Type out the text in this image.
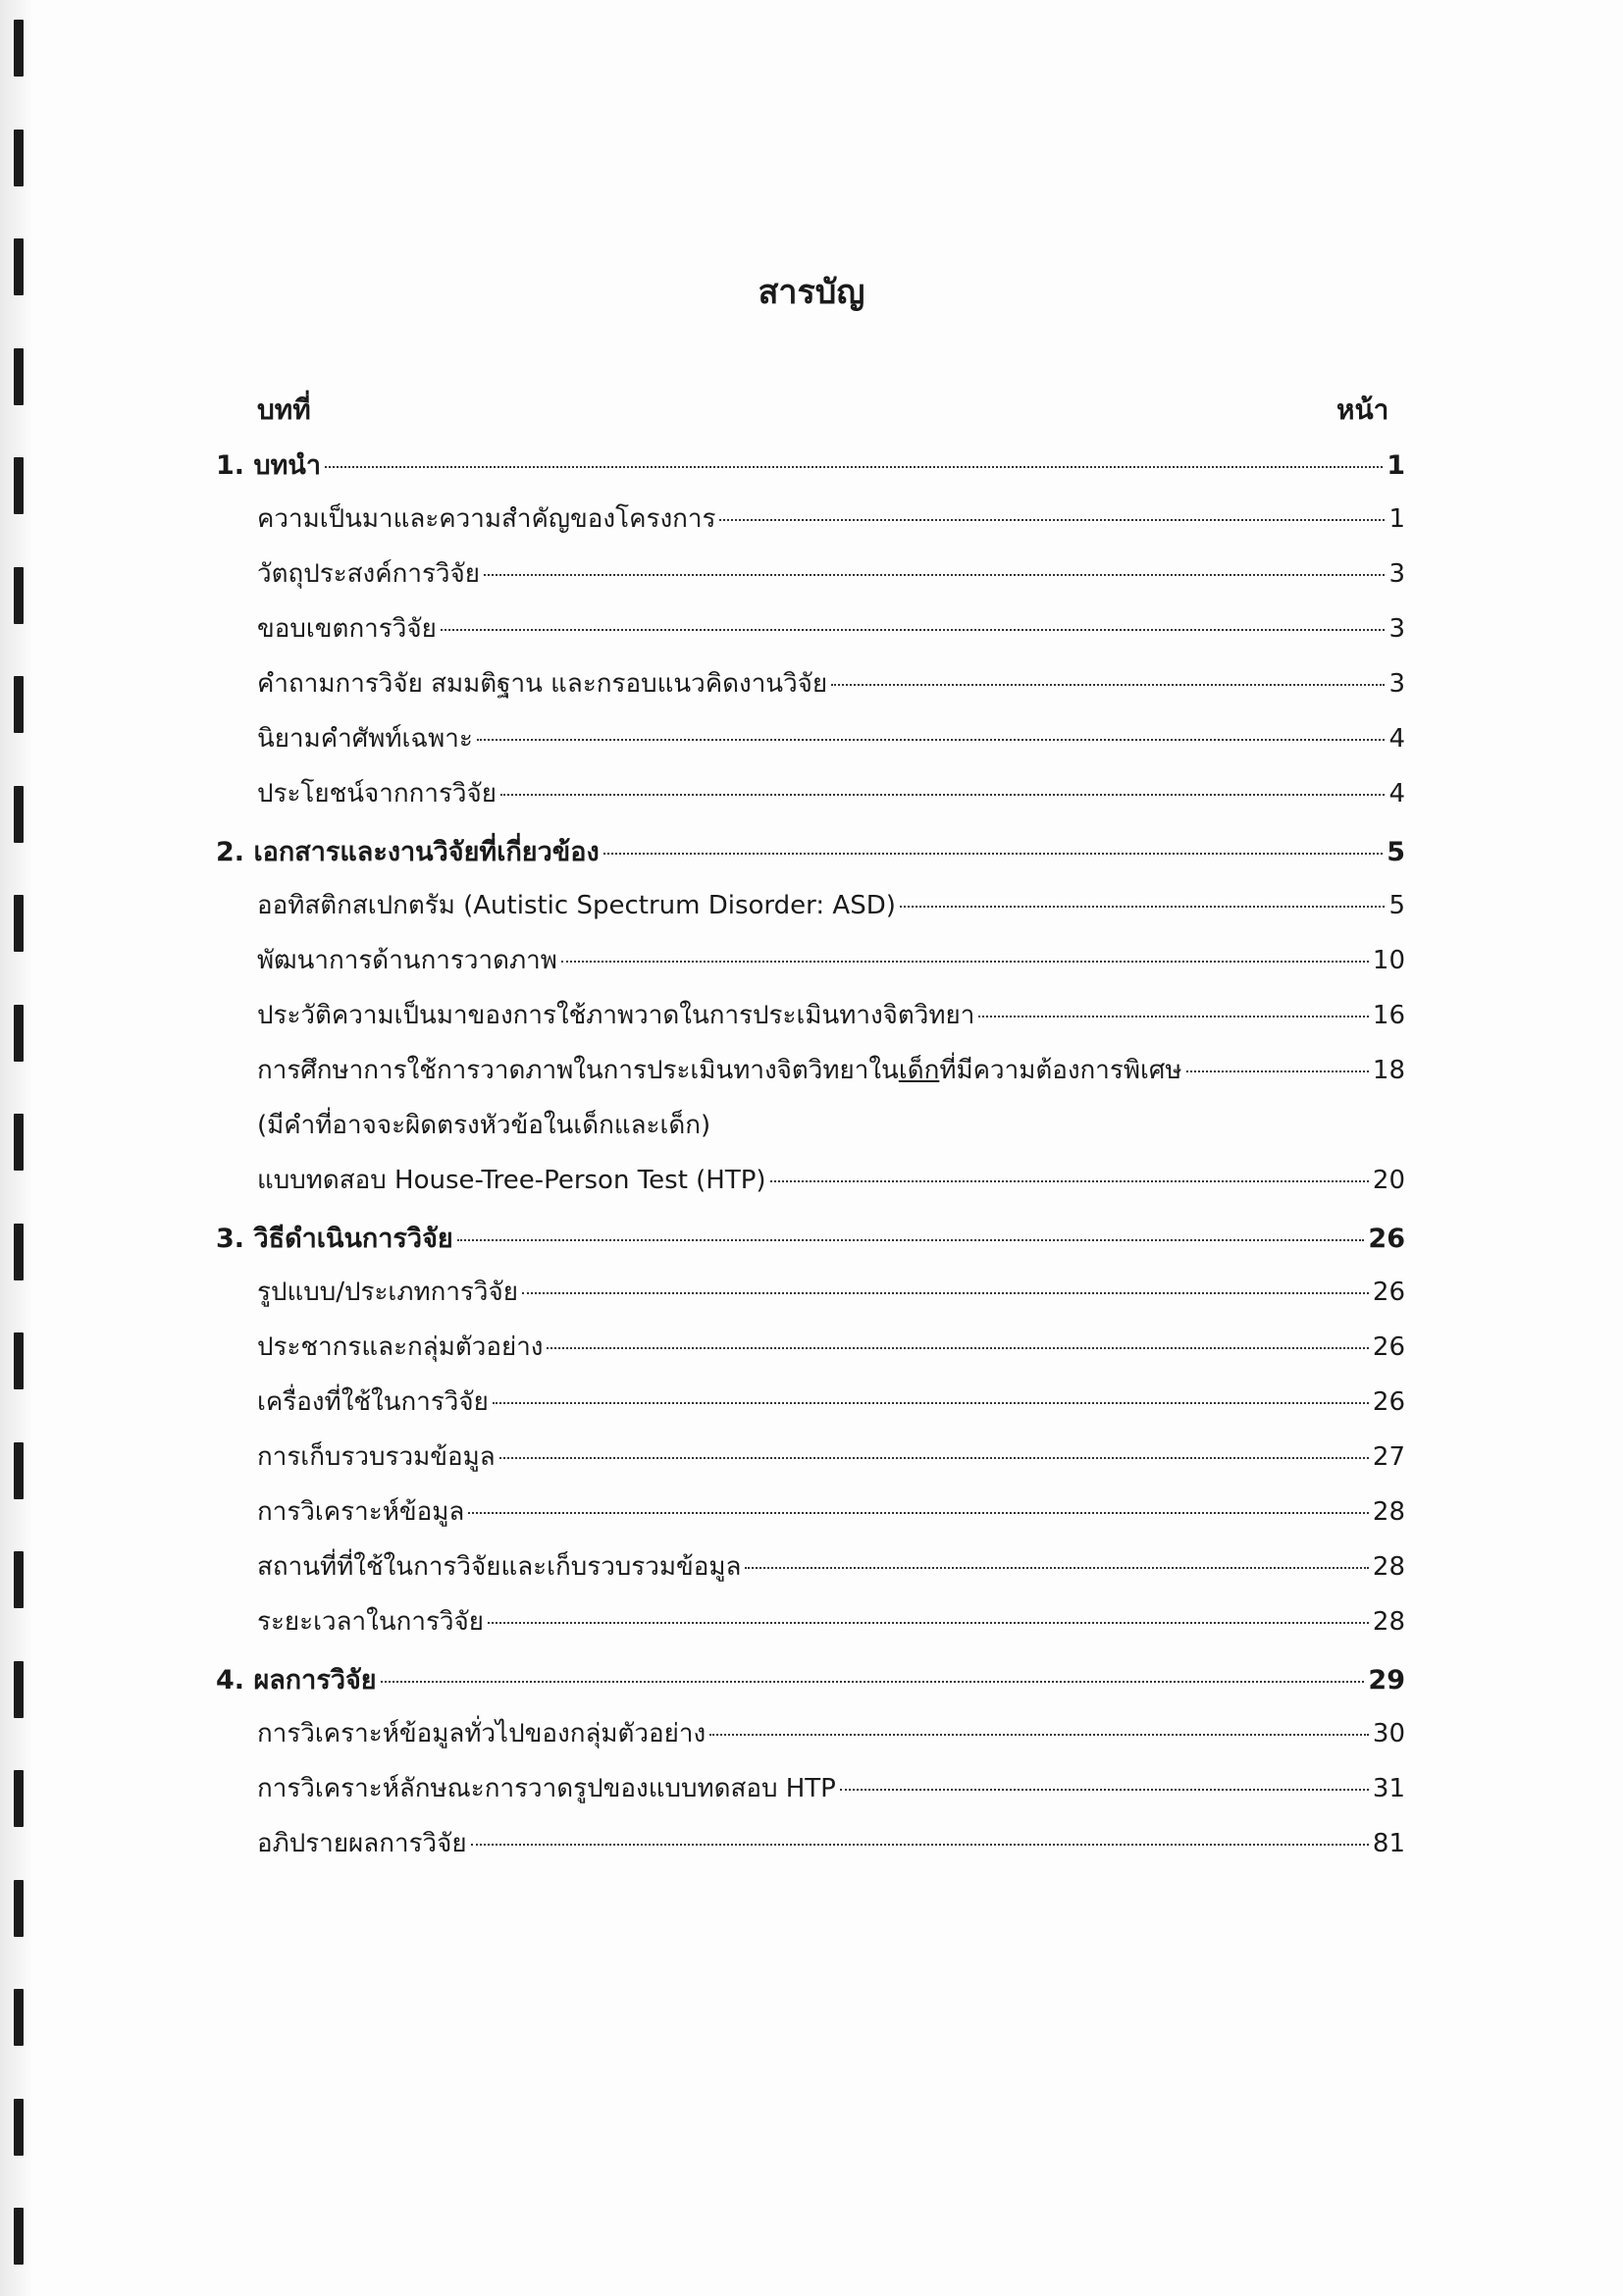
สารบัญ
บทที่	หน้า
1. บทนำ	1
ความเป็นมาและความสำคัญของโครงการ	1
วัตถุประสงค์การวิจัย	3
ขอบเขตการวิจัย	3
คำถามการวิจัย สมมติฐาน และกรอบแนวคิดงานวิจัย	3
นิยามคำศัพท์เฉพาะ	4
ประโยชน์จากการวิจัย	4
2. เอกสารและงานวิจัยที่เกี่ยวข้อง	5
ออทิสติกสเปกตรัม (Autistic Spectrum Disorder: ASD)	5
พัฒนาการด้านการวาดภาพ	10
ประวัติความเป็นมาของการใช้ภาพวาดในการประเมินทางจิตวิทยา	16
การศึกษาการใช้การวาดภาพในการประเมินทางจิตวิทยาในเด็กที่มีความต้องการพิเศษ	18
(มีคำที่อาจจะผิดตรงหัวข้อในเด็กและเด็ก)
แบบทดสอบ House-Tree-Person Test (HTP)	20
3. วิธีดำเนินการวิจัย	26
รูปแบบ/ประเภทการวิจัย	26
ประชากรและกลุ่มตัวอย่าง	26
เครื่องที่ใช้ในการวิจัย	26
การเก็บรวบรวมข้อมูล	27
การวิเคราะห์ข้อมูล	28
สถานที่ที่ใช้ในการวิจัยและเก็บรวบรวมข้อมูล	28
ระยะเวลาในการวิจัย	28
4. ผลการวิจัย	29
การวิเคราะห์ข้อมูลทั่วไปของกลุ่มตัวอย่าง	30
การวิเคราะห์ลักษณะการวาดรูปของแบบทดสอบ HTP	31
อภิปรายผลการวิจัย	81
